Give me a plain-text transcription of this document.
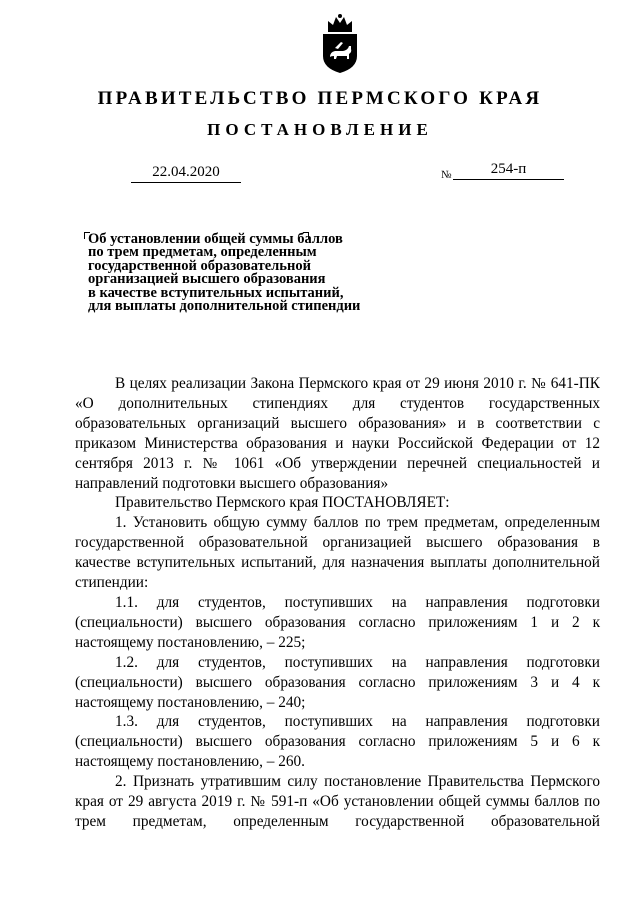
ПРАВИТЕЛЬСТВО ПЕРМСКОГО КРАЯ
ПОСТАНОВЛЕНИЕ
22.04.2020	№	254-п
Об установлении общей суммы баллов
по трем предметам, определенным
государственной образовательной
организацией высшего образования
в качестве вступительных испытаний,
для выплаты дополнительной стипендии

В целях реализации Закона Пермского края от 29 июня 2010 г. № 641-ПК «О дополнительных стипендиях для студентов государственных образовательных организаций высшего образования» и в соответствии с приказом Министерства образования и науки Российской Федерации от 12 сентября 2013 г. № 1061 «Об утверждении перечней специальностей и направлений подготовки высшего образования»

Правительство Пермского края ПОСТАНОВЛЯЕТ:

1. Установить общую сумму баллов по трем предметам, определенным государственной образовательной организацией высшего образования в качестве вступительных испытаний, для назначения выплаты дополнительной стипендии:

1.1. для студентов, поступивших на направления подготовки (специальности) высшего образования согласно приложениям 1 и 2 к настоящему постановлению, – 225;

1.2. для студентов, поступивших на направления подготовки (специальности) высшего образования согласно приложениям 3 и 4 к настоящему постановлению, – 240;

1.3. для студентов, поступивших на направления подготовки (специальности) высшего образования согласно приложениям 5 и 6 к настоящему постановлению, – 260.

2. Признать утратившим силу постановление Правительства Пермского края от 29 августа 2019 г. № 591-п «Об установлении общей суммы баллов по трем предметам, определенным государственной образовательной
